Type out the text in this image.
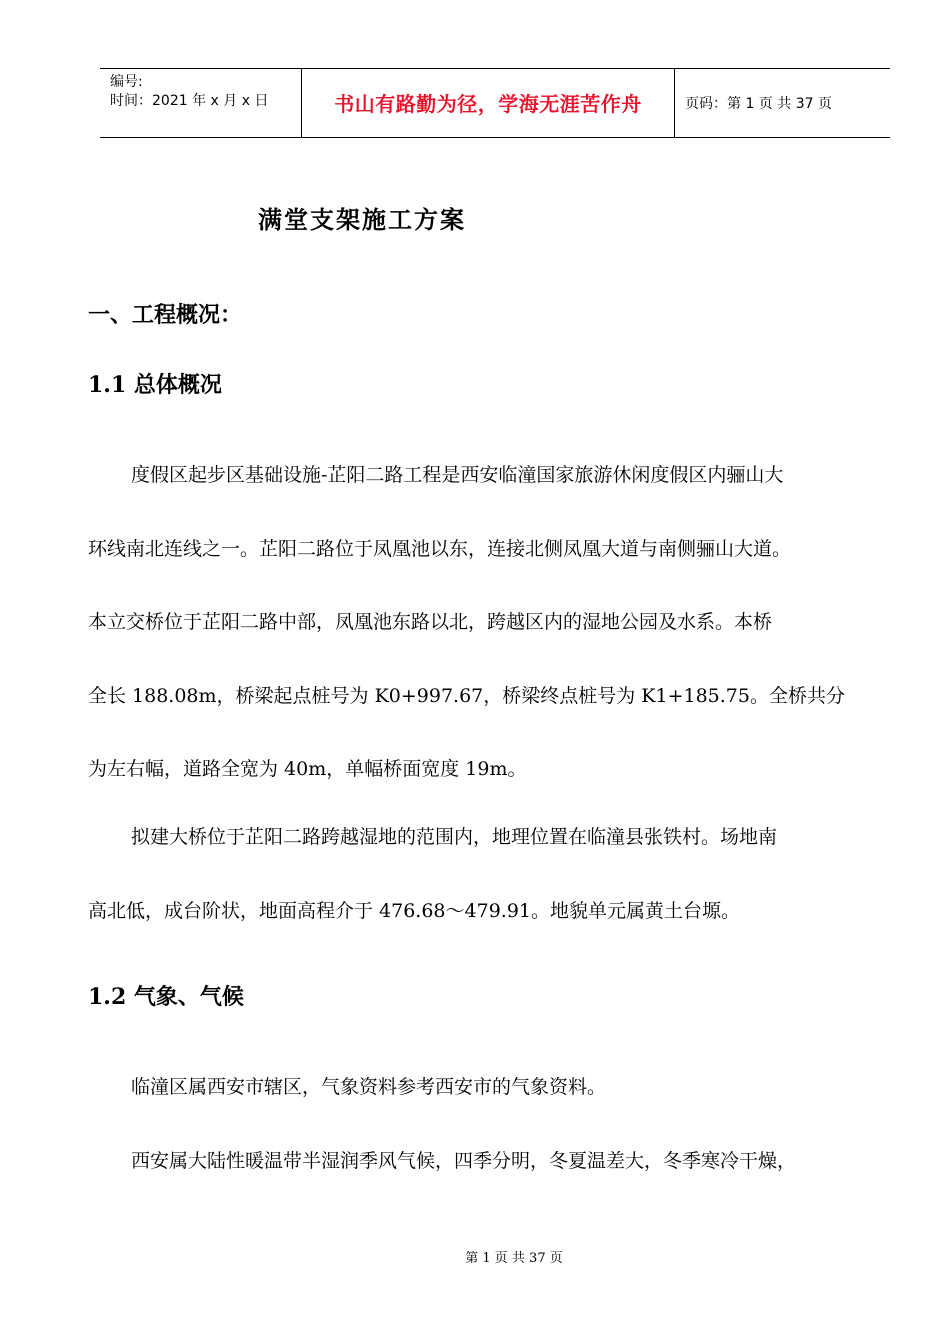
编号:
时间：2021 年 x 月 x 日	书山有路勤为径，学海无涯苦作舟	页码：第 1 页 共 37 页
满堂支架施工方案
一、工程概况：
1.1 总体概况
度假区起步区基础设施-芷阳二路工程是西安临潼国家旅游休闲度假区内骊山大
环线南北连线之一。芷阳二路位于凤凰池以东，连接北侧凤凰大道与南侧骊山大道。
本立交桥位于芷阳二路中部，凤凰池东路以北，跨越区内的湿地公园及水系。本桥
全长 188.08m，桥梁起点桩号为 K0+997.67，桥梁终点桩号为 K1+185.75。全桥共分
为左右幅，道路全宽为 40m，单幅桥面宽度 19m。
拟建大桥位于芷阳二路跨越湿地的范围内，地理位置在临潼县张铁村。场地南
高北低，成台阶状，地面高程介于 476.68～479.91。地貌单元属黄土台塬。
1.2 气象、气候
临潼区属西安市辖区，气象资料参考西安市的气象资料。
西安属大陆性暖温带半湿润季风气候，四季分明，冬夏温差大，冬季寒冷干燥，
第 1 页 共 37 页
